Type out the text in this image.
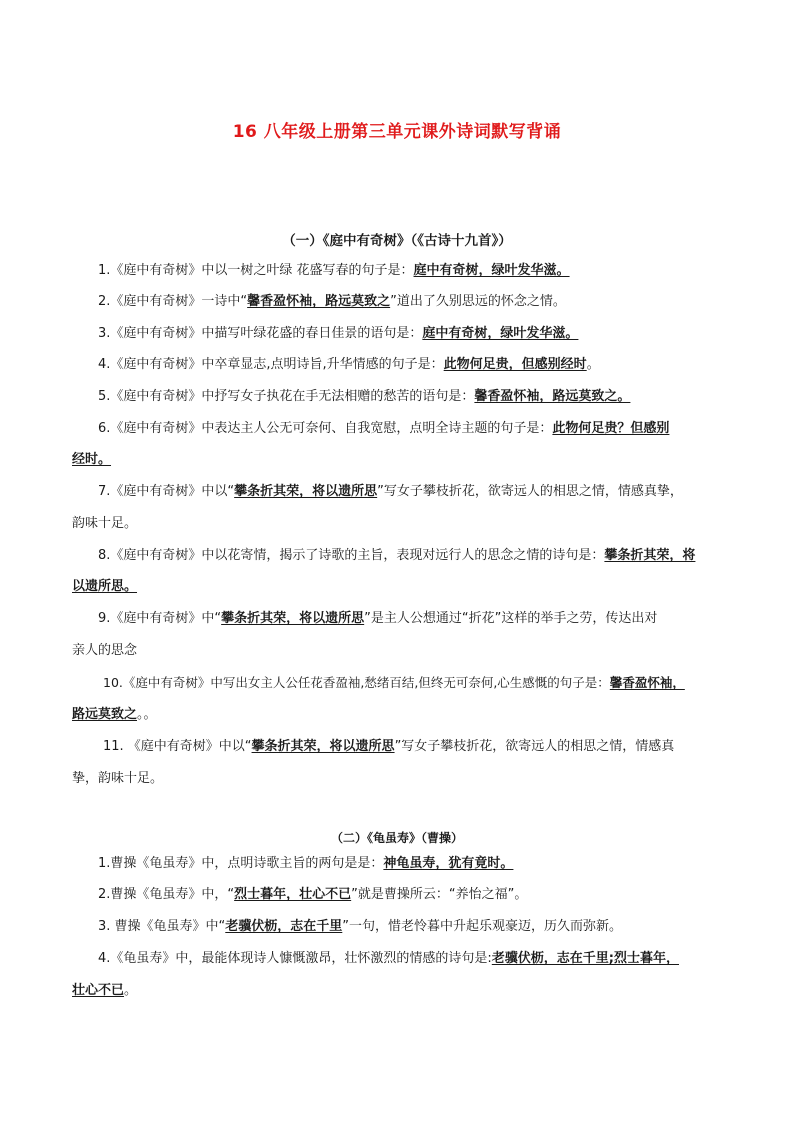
16 八年级上册第三单元课外诗词默写背诵
（一）《庭中有奇树》（《古诗十九首》）
1.《庭中有奇树》中以一树之叶绿 花盛写春的句子是：庭中有奇树，绿叶发华滋。
2.《庭中有奇树》一诗中“馨香盈怀袖，路远莫致之”道出了久别思远的怀念之情。
3.《庭中有奇树》中描写叶绿花盛的春日佳景的语句是：庭中有奇树，绿叶发华滋。
4.《庭中有奇树》中卒章显志,点明诗旨,升华情感的句子是：此物何足贵，但感别经时。
5.《庭中有奇树》中抒写女子执花在手无法相赠的愁苦的语句是：馨香盈怀袖，路远莫致之。
6.《庭中有奇树》中表达主人公无可奈何、自我宽慰，点明全诗主题的句子是：此物何足贵？但感别
经时。
7.《庭中有奇树》中以“攀条折其荣，将以遗所思”写女子攀枝折花，欲寄远人的相思之情，情感真挚，
韵味十足。
8.《庭中有奇树》中以花寄情，揭示了诗歌的主旨，表现对远行人的思念之情的诗句是：攀条折其荣，将
以遗所思。
9.《庭中有奇树》中“攀条折其荣，将以遗所思”是主人公想通过“折花”这样的举手之劳，传达出对
亲人的思念
10.《庭中有奇树》中写出女主人公任花香盈袖,愁绪百结,但终无可奈何,心生感慨的句子是：馨香盈怀袖，
路远莫致之。。
11. 《庭中有奇树》中以“攀条折其荣，将以遗所思”写女子攀枝折花，欲寄远人的相思之情，情感真
挚，韵味十足。
（二）《龟虽寿》（曹操）
1.曹操《龟虽寿》中，点明诗歌主旨的两句是是：神龟虽寿，犹有竟时。
2.曹操《龟虽寿》中，“烈士暮年，壮心不已”就是曹操所云：“养怡之福”。
3. 曹操《龟虽寿》中“老骥伏枥，志在千里”一句，惜老怜暮中升起乐观豪迈，历久而弥新。
4.《龟虽寿》中，最能体现诗人慷慨激昂，壮怀激烈的情感的诗句是:老骥伏枥，志在千里;烈士暮年，
壮心不已。
